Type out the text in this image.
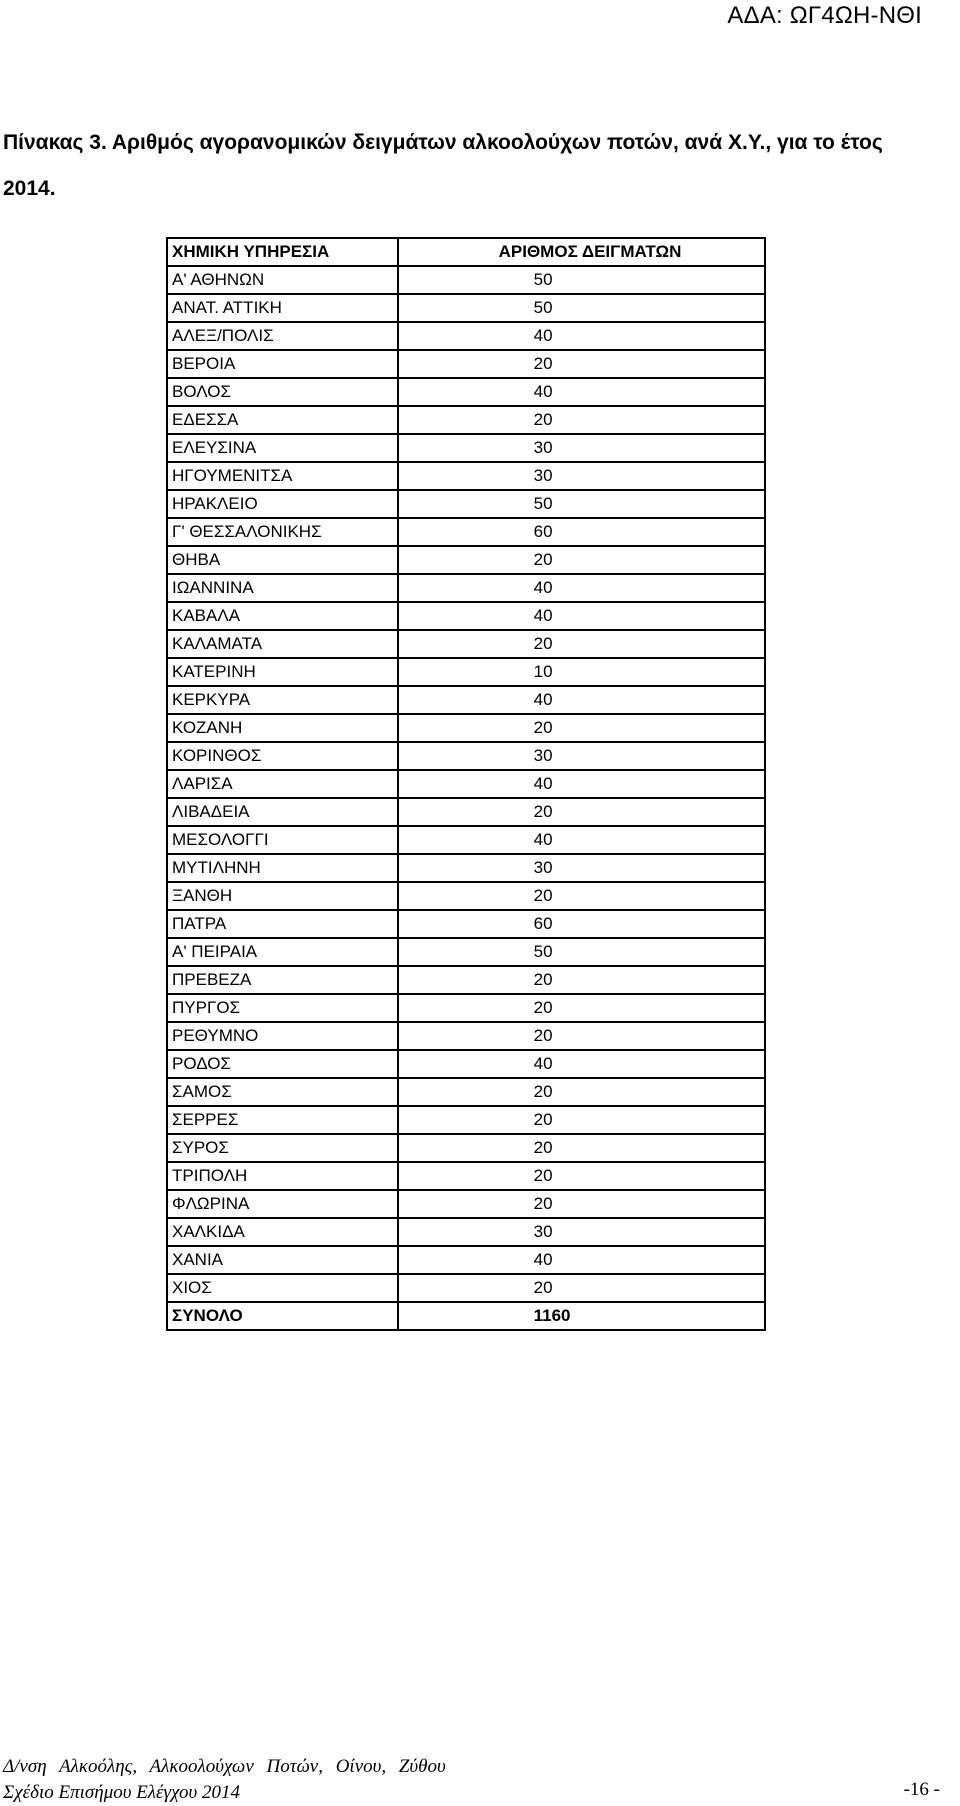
ΑΔΑ: ΩΓ4ΩΗ-ΝΘΙ
Πίνακας 3. Αριθμός αγορανομικών δειγμάτων αλκοολούχων ποτών, ανά Χ.Υ., για το έτος 2014.
ΧΗΜΙΚΗ ΥΠΗΡΕΣΙΑ	ΑΡΙΘΜΟΣ ΔΕΙΓΜΑΤΩΝ
Α' ΑΘΗΝΩΝ	50
ΑΝΑΤ. ΑΤΤΙΚΗ	50
ΑΛΕΞ/ΠΟΛΙΣ	40
ΒΕΡΟΙΑ	20
ΒΟΛΟΣ	40
ΕΔΕΣΣΑ	20
ΕΛΕΥΣΙΝΑ	30
ΗΓΟΥΜΕΝΙΤΣΑ	30
ΗΡΑΚΛΕΙΟ	50
Γ' ΘΕΣΣΑΛΟΝΙΚΗΣ	60
ΘΗΒΑ	20
ΙΩΑΝΝΙΝΑ	40
ΚΑΒΑΛΑ	40
ΚΑΛΑΜΑΤΑ	20
ΚΑΤΕΡΙΝΗ	10
ΚΕΡΚΥΡΑ	40
ΚΟΖΑΝΗ	20
ΚΟΡΙΝΘΟΣ	30
ΛΑΡΙΣΑ	40
ΛΙΒΑΔΕΙΑ	20
ΜΕΣΟΛΟΓΓΙ	40
ΜΥΤΙΛΗΝΗ	30
ΞΑΝΘΗ	20
ΠΑΤΡΑ	60
Α' ΠΕΙΡΑΙΑ	50
ΠΡΕΒΕΖΑ	20
ΠΥΡΓΟΣ	20
ΡΕΘΥΜΝΟ	20
ΡΟΔΟΣ	40
ΣΑΜΟΣ	20
ΣΕΡΡΕΣ	20
ΣΥΡΟΣ	20
ΤΡΙΠΟΛΗ	20
ΦΛΩΡΙΝΑ	20
ΧΑΛΚΙΔΑ	30
ΧΑΝΙΑ	40
ΧΙΟΣ	20
ΣΥΝΟΛΟ	1160
Δ/νση Αλκοόλης, Αλκοολούχων Ποτών, Οίνου, Ζύθου
Σχέδιο Επισήμου Ελέγχου 2014	-16 -
